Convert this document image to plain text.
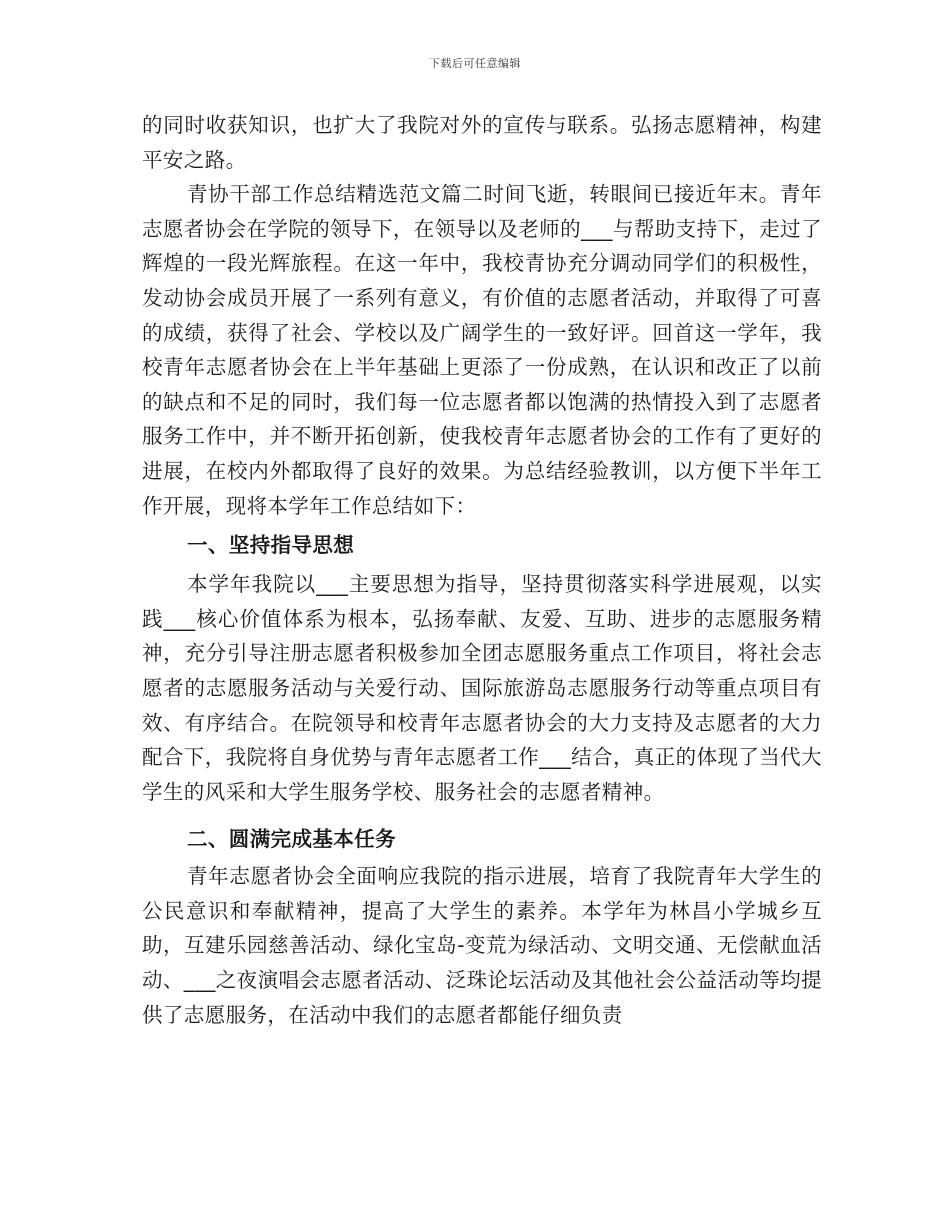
下载后可任意编辑

的同时收获知识，也扩大了我院对外的宣传与联系。弘扬志愿精神，构建平安之路。

青协干部工作总结精选范文篇二时间飞逝，转眼间已接近年末。青年志愿者协会在学院的领导下，在领导以及老师的___与帮助支持下，走过了辉煌的一段光辉旅程。在这一年中，我校青协充分调动同学们的积极性，发动协会成员开展了一系列有意义，有价值的志愿者活动，并取得了可喜的成绩，获得了社会、学校以及广阔学生的一致好评。回首这一学年，我校青年志愿者协会在上半年基础上更添了一份成熟，在认识和改正了以前的缺点和不足的同时，我们每一位志愿者都以饱满的热情投入到了志愿者服务工作中，并不断开拓创新，使我校青年志愿者协会的工作有了更好的进展，在校内外都取得了良好的效果。为总结经验教训，以方便下半年工作开展，现将本学年工作总结如下：

一、坚持指导思想

本学年我院以___主要思想为指导，坚持贯彻落实科学进展观，以实践___核心价值体系为根本，弘扬奉献、友爱、互助、进步的志愿服务精神，充分引导注册志愿者积极参加全团志愿服务重点工作项目，将社会志愿者的志愿服务活动与关爱行动、国际旅游岛志愿服务行动等重点项目有效、有序结合。在院领导和校青年志愿者协会的大力支持及志愿者的大力配合下，我院将自身优势与青年志愿者工作___结合，真正的体现了当代大学生的风采和大学生服务学校、服务社会的志愿者精神。

二、圆满完成基本任务

青年志愿者协会全面响应我院的指示进展，培育了我院青年大学生的公民意识和奉献精神，提高了大学生的素养。本学年为林昌小学城乡互助，互建乐园慈善活动、绿化宝岛-变荒为绿活动、文明交通、无偿献血活动、___之夜演唱会志愿者活动、泛珠论坛活动及其他社会公益活动等均提供了志愿服务，在活动中我们的志愿者都能仔细负责
